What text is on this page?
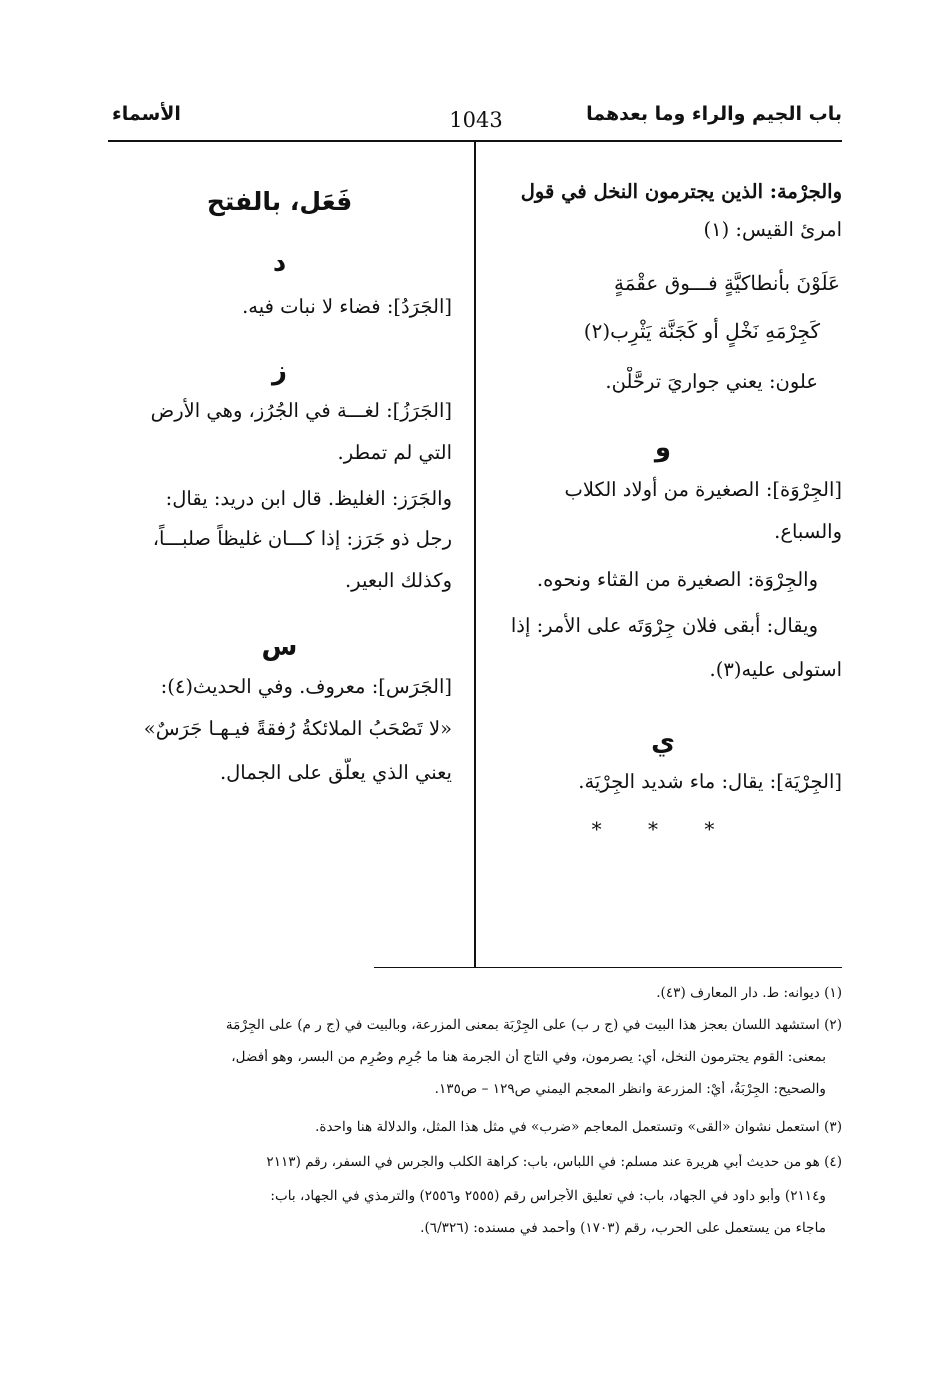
باب الجيم والراء وما بعدهما
1043
الأسماء

والجرْمة: الذين يجترمون النخل في قول

امرئ القيس: (١)

عَلَوْنَ بأنطاكيَّةٍ فـــوق عقْمَةٍ

كَجِرْمَهِ نَخْلٍ أو كَجَنَّة يَثْرِب(٢)

علون: يعني جواريَ ترحَّلْن.

و

[الجِرْوَة]: الصغيرة من أولاد الكلاب

والسباع.

والجِرْوَة: الصغيرة من القثاء ونحوه.

ويقال: أبقى فلان جِرْوَتَه على الأمر: إذا

استولى عليه(٣).

ي

[الجِرْيَة]: يقال: ماء شديد الجِرْيَة.

* * *

فَعَل، بالفتح

د

[الجَرَدُ]: فضاء لا نبات فيه.

ز

[الجَرَزُ]: لغـــة في الجُرُز، وهي الأرض

التي لم تمطر.

والجَرَز: الغليظ. قال ابن دريد: يقال:

رجل ذو جَرَز: إذا كـــان غليظاً صلبـــاً،

وكذلك البعير.

س

[الجَرَس]: معروف. وفي الحديث(٤):

«لا تَصْحَبُ الملائكةُ رُفقةً فيـهـا جَرَسٌ»

يعني الذي يعلَّق على الجمال.

(١) ديوانه: ط. دار المعارف (٤٣).
(٢) استشهد اللسان بعجز هذا البيت في (ج ر ب) على الجِرْبَة بمعنى المزرعة، وبالبيت في (ج ر م) على الجِرْمَة
بمعنى: القوم يجترمون النخل، أي: يصرمون، وفي التاج أن الجرمة هنا ما جُرِم وصُرِم من البسر، وهو أفضل،
والصحيح: الجِرْبَةُ، أيْ: المزرعة وانظر المعجم اليمني ص١٢٩ – ص١٣٥.
(٣) استعمل نشوان «القى» وتستعمل المعاجم «ضرب» في مثل هذا المثل، والدلالة هنا واحدة.
(٤) هو من حديث أبي هريرة عند مسلم: في اللباس، باب: كراهة الكلب والجرس في السفر، رقم (٢١١٣
و٢١١٤) وأبو داود في الجهاد، باب: في تعليق الأجراس رقم (٢٥٥٥ و٢٥٥٦) والترمذي في الجهاد، باب:
ماجاء من يستعمل على الحرب، رقم (١٧٠٣) وأحمد في مسنده: (٦/٣٢٦).
